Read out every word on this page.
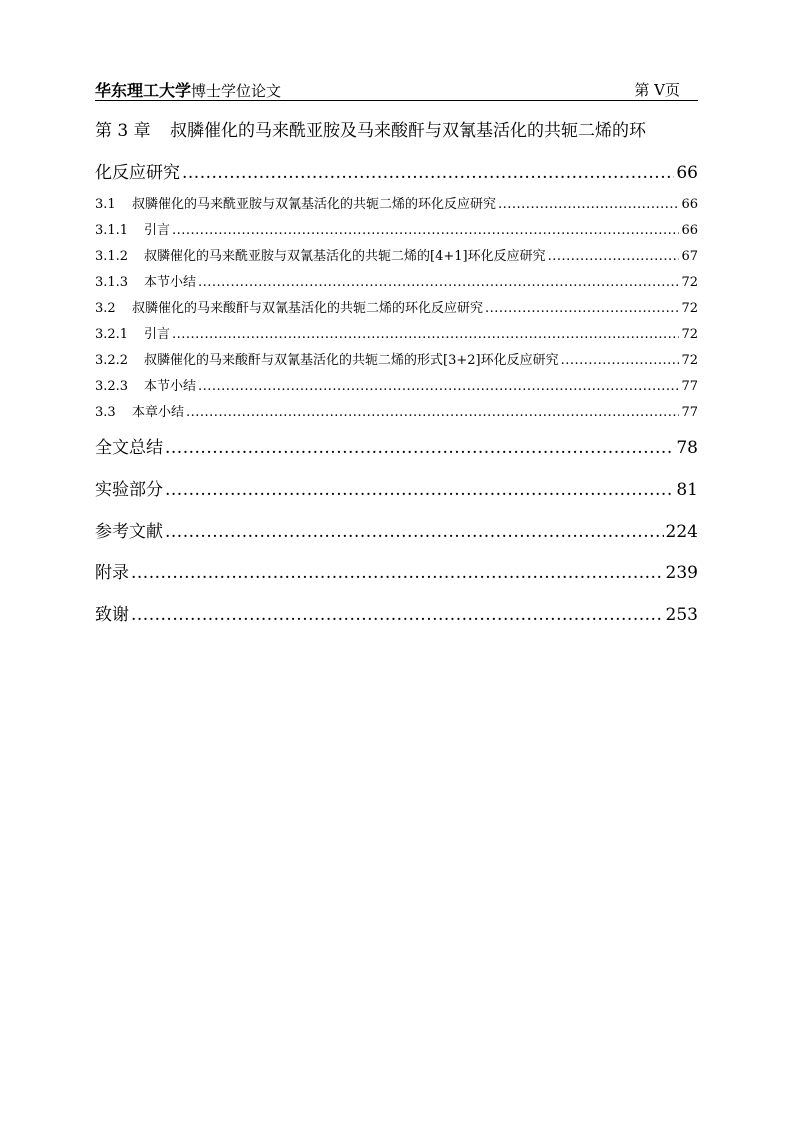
华东理工大学博士学位论文	第 V页
第 3 章 叔膦催化的马来酰亚胺及马来酸酐与双氰基活化的共轭二烯的环
化反应研究 .....	66
3.1 叔膦催化的马来酰亚胺与双氰基活化的共轭二烯的环化反应研究 .....	66
3.1.1 引言 .....	66
3.1.2 叔膦催化的马来酰亚胺与双氰基活化的共轭二烯的[4+1]环化反应研究 .....	67
3.1.3 本节小结 .....	72
3.2 叔膦催化的马来酸酐与双氰基活化的共轭二烯的环化反应研究 .....	72
3.2.1 引言 .....	72
3.2.2 叔膦催化的马来酸酐与双氰基活化的共轭二烯的形式[3+2]环化反应研究 .....	72
3.2.3 本节小结 .....	77
3.3 本章小结 .....	77
全文总结 .....	78
实验部分 .....	81
参考文献 .....	224
附录 .....	239
致谢 .....	253
